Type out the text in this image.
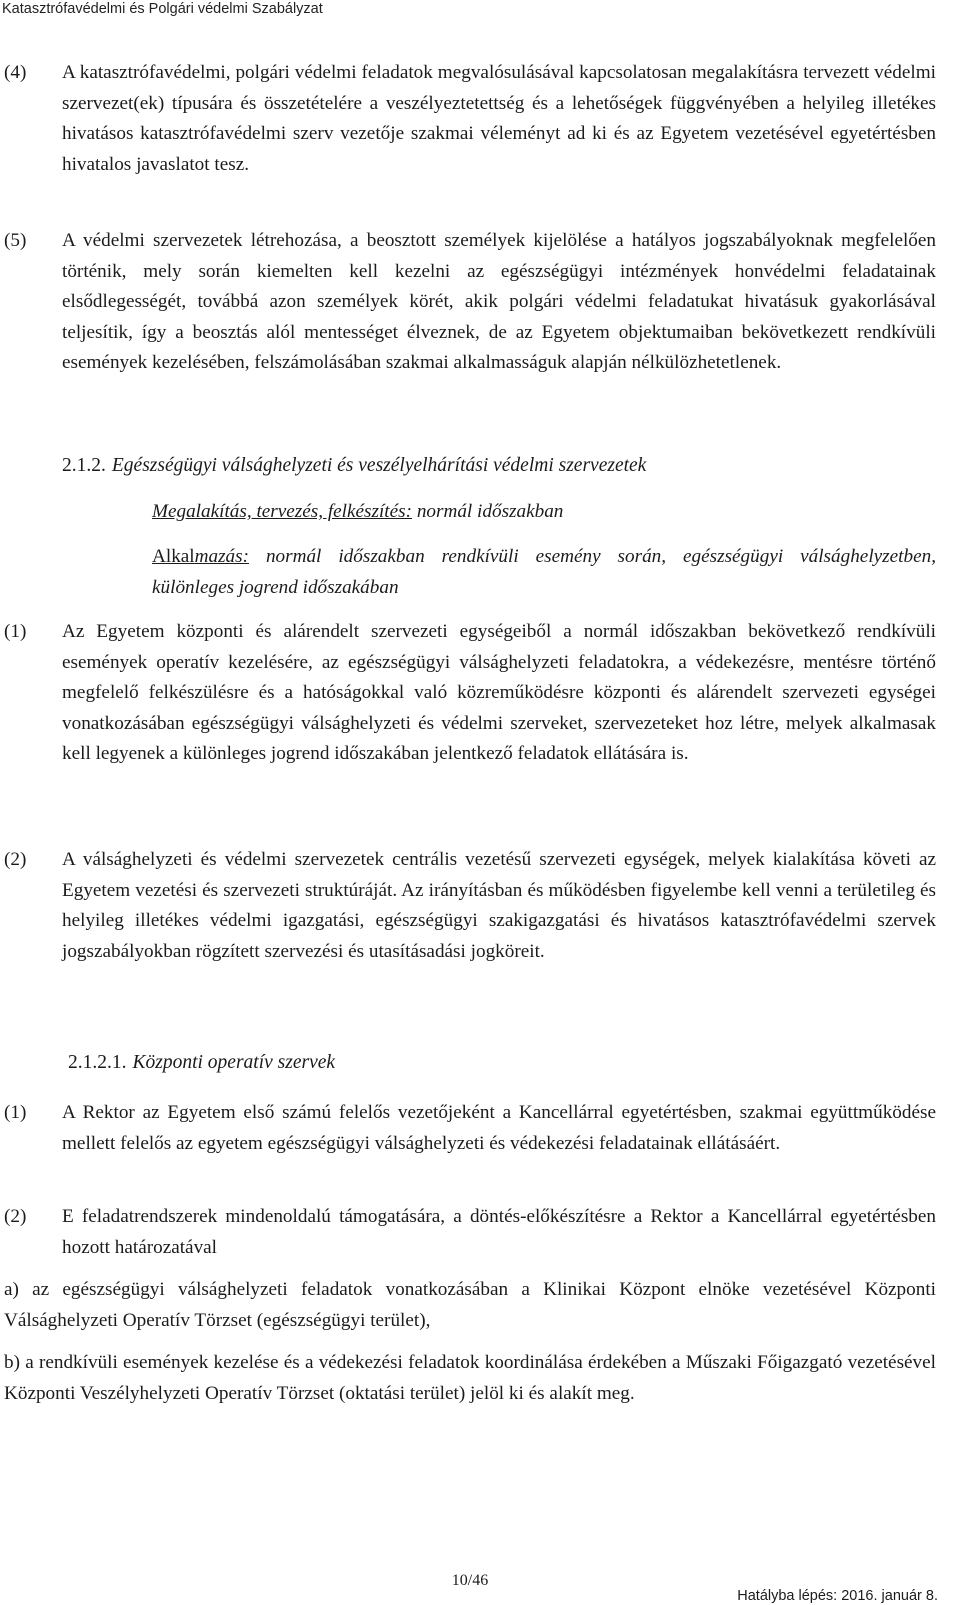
Katasztrófavédelmi és Polgári védelmi Szabályzat
(4)	A katasztrófavédelmi, polgári védelmi feladatok megvalósulásával kapcsolatosan megalakításra tervezett védelmi szervezet(ek) típusára és összetételére a veszélyeztetettség és a lehetőségek függvényében a helyileg illetékes hivatásos katasztrófavédelmi szerv vezetője szakmai véleményt ad ki és az Egyetem vezetésével egyetértésben hivatalos javaslatot tesz.
(5)	A védelmi szervezetek létrehozása, a beosztott személyek kijelölése a hatályos jogszabályoknak megfelelően történik, mely során kiemelten kell kezelni az egészségügyi intézmények honvédelmi feladatainak elsődlegességét, továbbá azon személyek körét, akik polgári védelmi feladatukat hivatásuk gyakorlásával teljesítik, így a beosztás alól mentességet élveznek, de az Egyetem objektumaiban bekövetkezett rendkívüli események kezelésében, felszámolásában szakmai alkalmasságuk alapján nélkülözhetetlenek.
2.1.2. Egészségügyi válsághelyzeti és veszélyelhárítási védelmi szervezetek
Megalakítás, tervezés, felkészítés: normál időszakban
Alkalmazás: normál időszakban rendkívüli esemény során, egészségügyi válsághelyzetben, különleges jogrend időszakában
(1)	Az Egyetem központi és alárendelt szervezeti egységeiből a normál időszakban bekövetkező rendkívüli események operatív kezelésére, az egészségügyi válsághelyzeti feladatokra, a védekezésre, mentésre történő megfelelő felkészülésre és a hatóságokkal való közreműködésre központi és alárendelt szervezeti egységei vonatkozásában egészségügyi válsághelyzeti és védelmi szerveket, szervezeteket hoz létre, melyek alkalmasak kell legyenek a különleges jogrend időszakában jelentkező feladatok ellátására is.
(2)	A válsághelyzeti és védelmi szervezetek centrális vezetésű szervezeti egységek, melyek kialakítása követi az Egyetem vezetési és szervezeti struktúráját. Az irányításban és működésben figyelembe kell venni a területileg és helyileg illetékes védelmi igazgatási, egészségügyi szakigazgatási és hivatásos katasztrófavédelmi szervek jogszabályokban rögzített szervezési és utasításadási jogköreit.
2.1.2.1. Központi operatív szervek
(1)	A Rektor az Egyetem első számú felelős vezetőjeként a Kancellárral egyetértésben, szakmai együttműködése mellett felelős az egyetem egészségügyi válsághelyzeti és védekezési feladatainak ellátásáért.
(2)	E feladatrendszerek mindenoldalú támogatására, a döntés-előkészítésre a Rektor a Kancellárral egyetértésben hozott határozatával
a) az egészségügyi válsághelyzeti feladatok vonatkozásában a Klinikai Központ elnöke vezetésével Központi Válsághelyzeti Operatív Törzset (egészségügyi terület),
b) a rendkívüli események kezelése és a védekezési feladatok koordinálása érdekében a Műszaki Főigazgató vezetésével Központi Veszélyhelyzeti Operatív Törzset (oktatási terület) jelöl ki és alakít meg.
10/46
Hatályba lépés: 2016. január 8.
